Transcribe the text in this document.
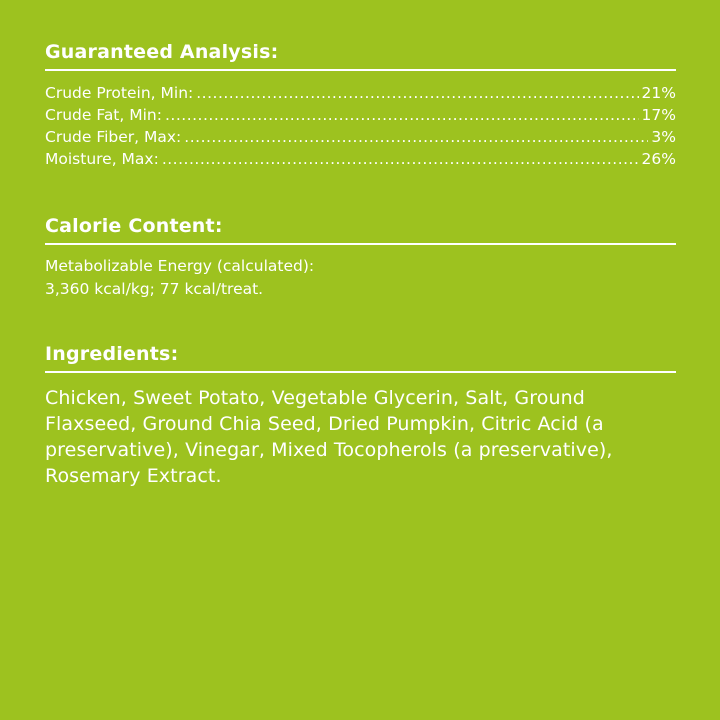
Guaranteed Analysis:
Crude Protein, Min: .....	21%
Crude Fat, Min: .....	17%
Crude Fiber, Max: .....	3%
Moisture, Max: .....	26%
Calorie Content:
Metabolizable Energy (calculated):
3,360 kcal/kg; 77 kcal/treat.
Ingredients:

Chicken, Sweet Potato, Vegetable Glycerin, Salt, Ground Flaxseed, Ground Chia Seed, Dried Pumpkin, Citric Acid (a preservative), Vinegar, Mixed Tocopherols (a preservative), Rosemary Extract.
